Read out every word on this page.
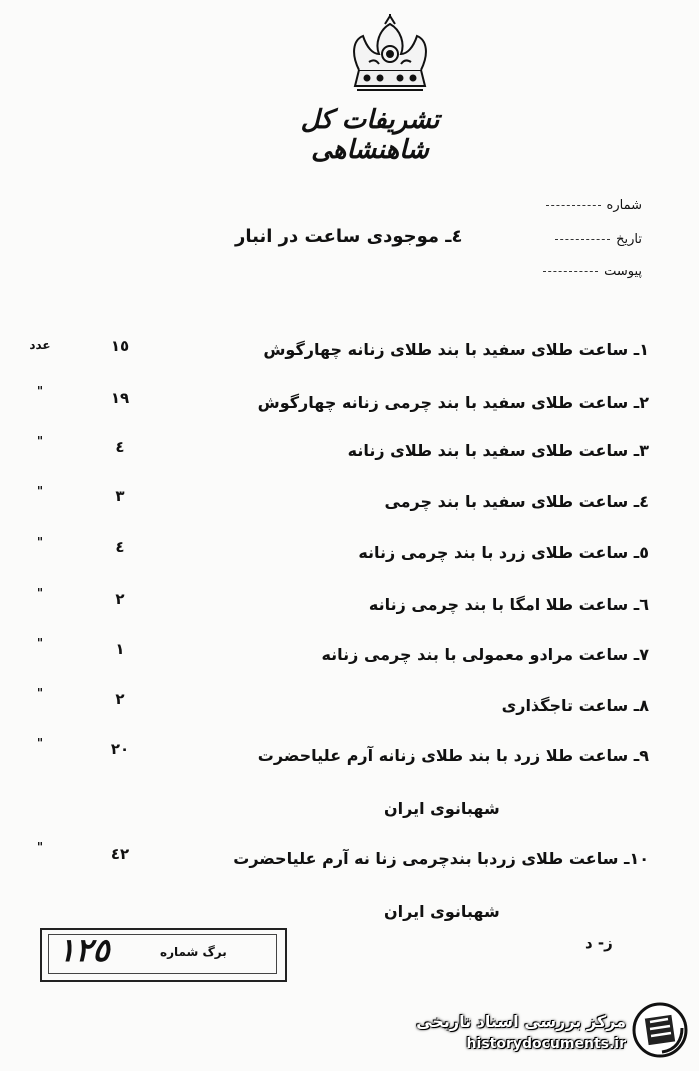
تشریفات کل شاهنشاهی
شماره
تاریخ
پیوست
٤ـ موجودی ساعت در انبار
١ـ ساعت طلای سفید با بند طلای زنانه چهارگوش
١٥
عدد
٢ـ ساعت طلای سفید با بند چرمی زنانه چهارگوش
١٩
"
٣ـ ساعت طلای سفید با بند طلای زنانه
٤
"
٤ـ ساعت طلای سفید با بند چرمی
٣
"
٥ـ ساعت طلای زرد با بند چرمی زنانه
٤
"
٦ـ ساعت طلا امگا با بند چرمی زنانه
٢
"
٧ـ ساعت مرادو معمولی با بند چرمی زنانه
١
"
٨ـ ساعت تاجگذاری
٢
"
٩ـ ساعت طلا زرد با بند طلای زنانه آرم علیاحضرت
٢٠
"
شهبانوی ایران
١٠ـ ساعت طلای زردبا بندچرمی زنا نه آرم علیاحضرت
٤٢
"
شهبانوی ایران
ز- د
برگ شماره
١٢٥
مرکز بررسی اسناد تاریخی
historydocuments.ir
